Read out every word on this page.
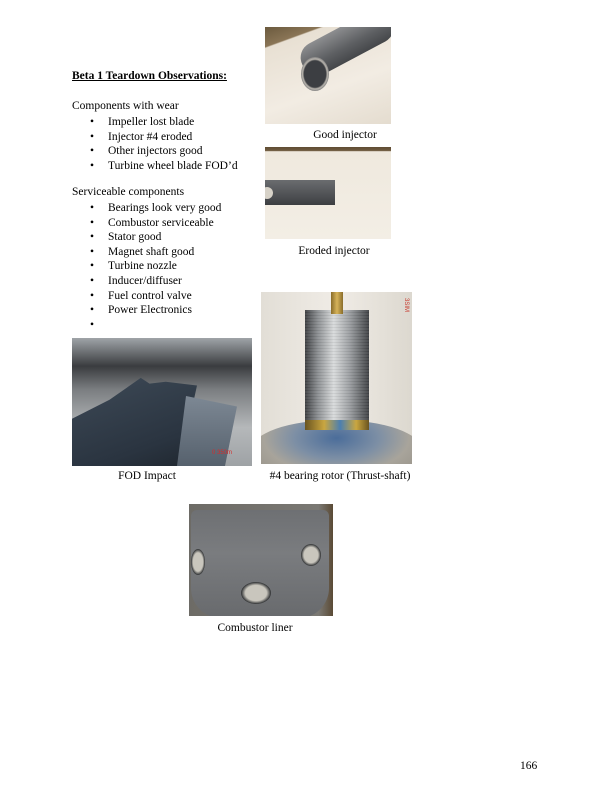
Beta 1 Teardown Observations:
Components with wear
• Impeller lost blade
• Injector #4 eroded
• Other injectors good
• Turbine wheel blade FOD’d
Serviceable components
• Bearings look very good
• Combustor serviceable
• Stator good
• Magnet shaft good
• Turbine nozzle
• Inducer/diffuser
• Fuel control valve
• Power Electronics
•
Good injector
Eroded injector
0 350m
FOD Impact
3SIM
#4 bearing rotor (Thrust-shaft)
Combustor liner
166
